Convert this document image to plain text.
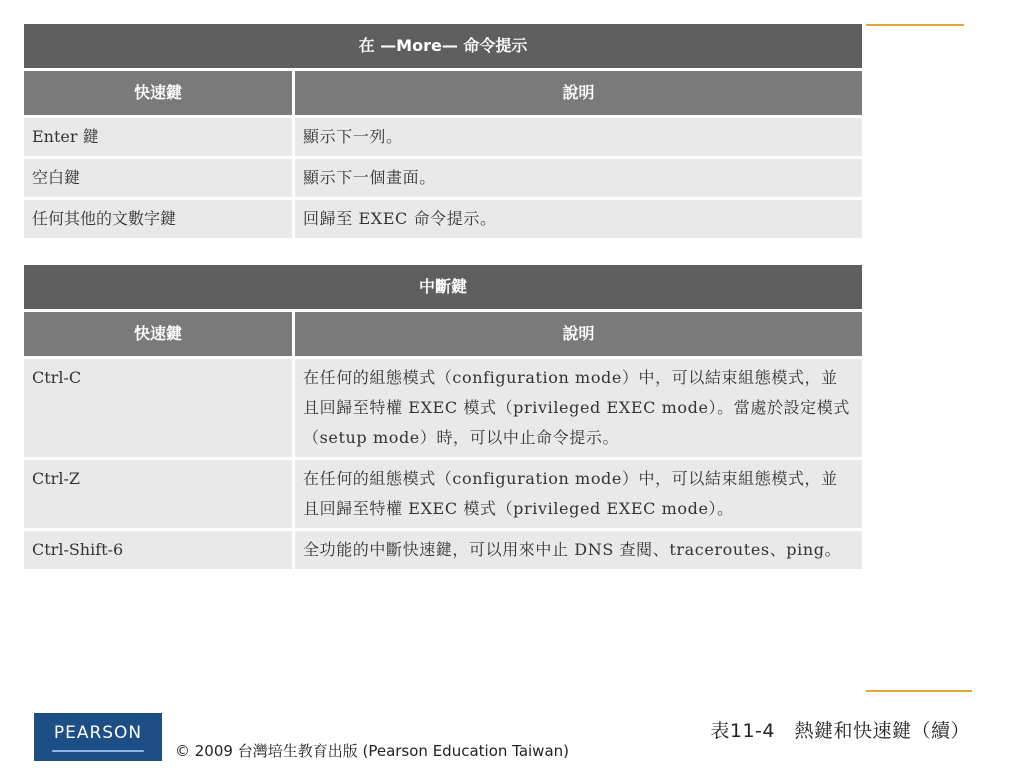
在 —More— 命令提示
快速鍵	說明
Enter 鍵	顯示下一列。
空白鍵	顯示下一個畫面。
任何其他的文數字鍵	回歸至 EXEC 命令提示。
中斷鍵
快速鍵	說明
Ctrl-C	在任何的組態模式（configuration mode）中，可以結束組態模式，並且回歸至特權 EXEC 模式（privileged EXEC mode）。當處於設定模式（setup mode）時，可以中止命令提示。
Ctrl-Z	在任何的組態模式（configuration mode）中，可以結束組態模式，並且回歸至特權 EXEC 模式（privileged EXEC mode）。
Ctrl-Shift-6	全功能的中斷快速鍵，可以用來中止 DNS 查閱、traceroutes、ping。
PEARSON
© 2009 台灣培生教育出版 (Pearson Education Taiwan)
表11-4　熱鍵和快速鍵（續）
